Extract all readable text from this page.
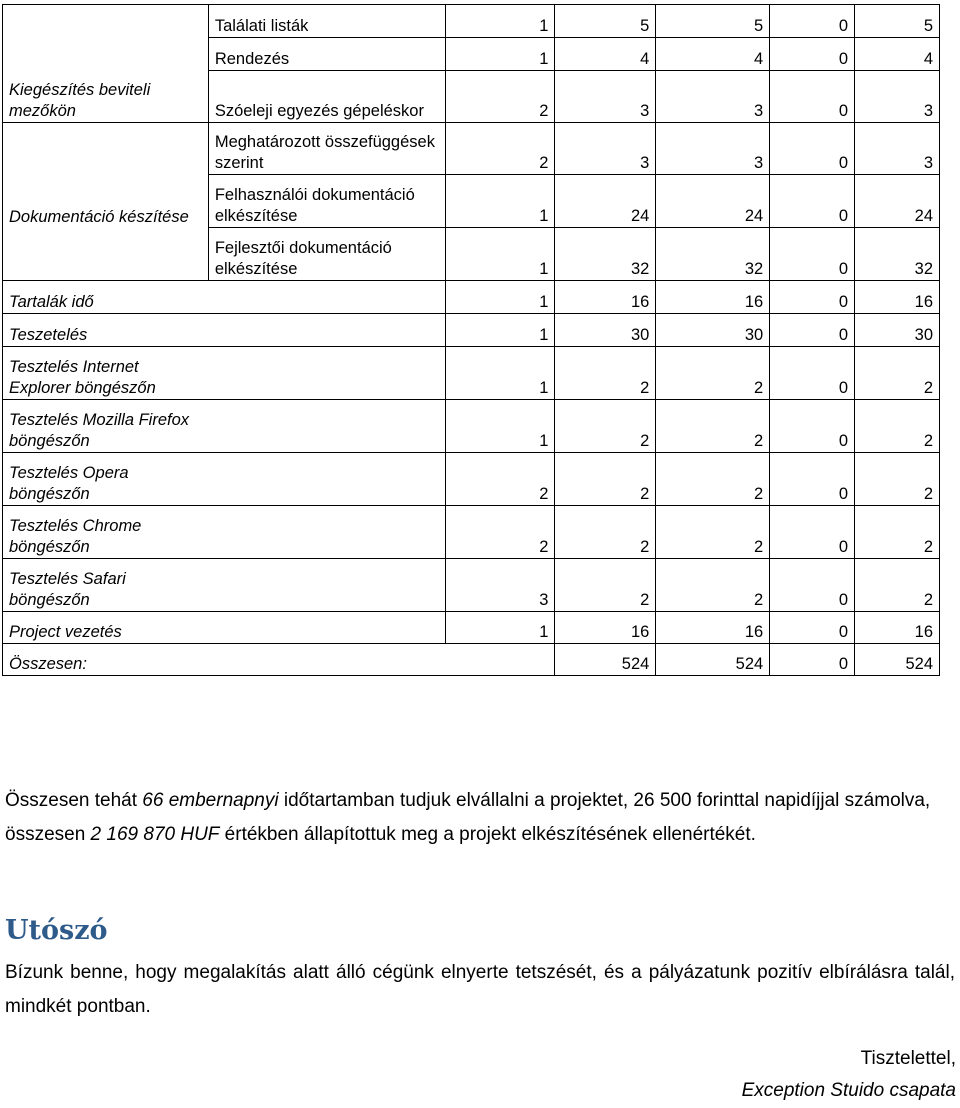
	Találati listák	1	5	5	0	5
	Rendezés	1	4	4	0	4
Kiegészítés beviteli mezőkön	Szóeleji egyezés gépeléskor	2	3	3	0	3
	Meghatározott összefüggések szerint	2	3	3	0	3
Dokumentáció készítése	Felhasználói dokumentáció elkészítése	1	24	24	0	24
	Fejlesztői dokumentáció elkészítése	1	32	32	0	32
Tartalák idő		1	16	16	0	16
Teszetelés		1	30	30	0	30
Tesztelés Internet Explorer böngészőn		1	2	2	0	2
Tesztelés Mozilla Firefox böngészőn		1	2	2	0	2
Tesztelés Opera böngészőn		2	2	2	0	2
Tesztelés Chrome böngészőn		2	2	2	0	2
Tesztelés Safari böngészőn		3	2	2	0	2
Project vezetés		1	16	16	0	16
Összesen:			524	524	0	524

Összesen tehát 66 embernapnyi időtartamban tudjuk elvállalni a projektet, 26 500 forinttal napidíjjal számolva, összesen 2 169 870 HUF értékben állapítottuk meg a projekt elkészítésének ellenértékét.

Utószó

Bízunk benne, hogy megalakítás alatt álló cégünk elnyerte tetszését, és a pályázatunk pozitív elbírálásra talál, mindkét pontban.

Tisztelettel,
Exception Stuido csapata
